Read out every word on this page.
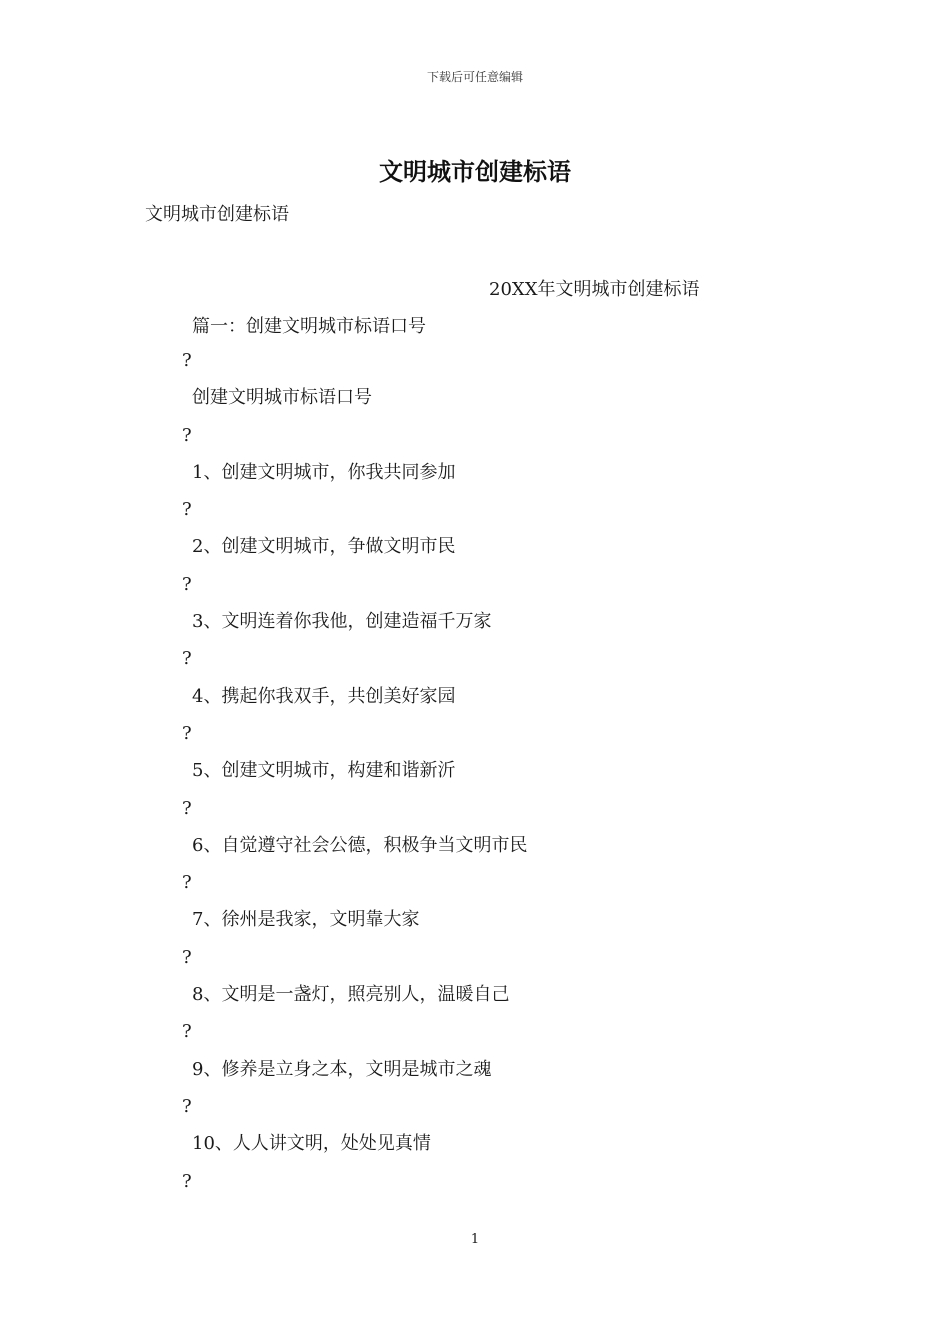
下载后可任意编辑
文明城市创建标语
文明城市创建标语
20XX年文明城市创建标语
篇一：创建文明城市标语口号
?
创建文明城市标语口号
?
1、创建文明城市，你我共同参加
?
2、创建文明城市，争做文明市民
?
3、文明连着你我他，创建造福千万家
?
4、携起你我双手，共创美好家园
?
5、创建文明城市，构建和谐新沂
?
6、自觉遵守社会公德，积极争当文明市民
?
7、徐州是我家，文明靠大家
?
8、文明是一盏灯，照亮别人，温暖自己
?
9、修养是立身之本，文明是城市之魂
?
10、人人讲文明，处处见真情
?
1
